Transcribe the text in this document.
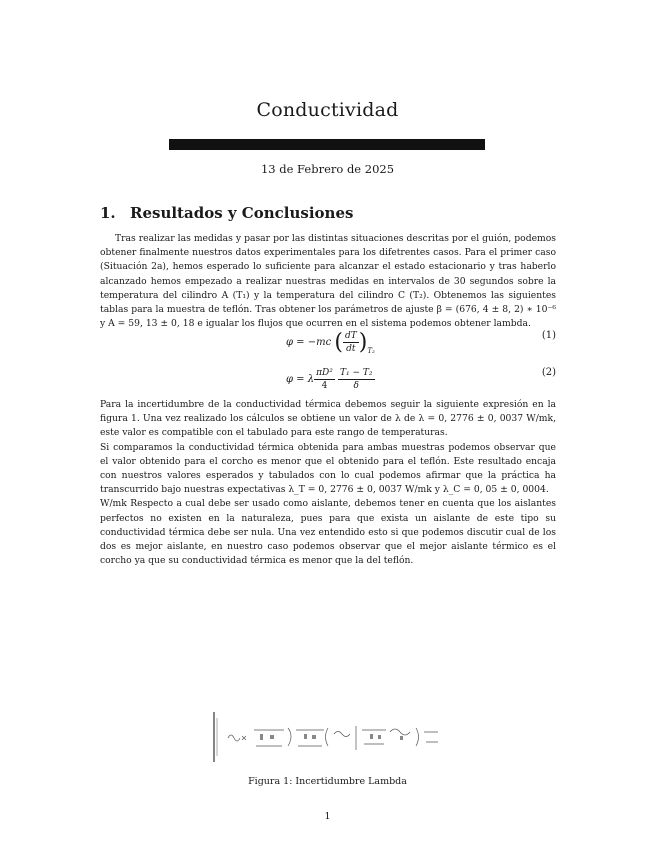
Conductividad
13 de Febrero de 2025
1. Resultados y Conclusiones

Tras realizar las medidas y pasar por las distintas situaciones descritas por el guión, podemos obtener finalmente nuestros datos experimentales para los difetrentes casos. Para el primer caso (Situación 2a), hemos esperado lo suficiente para alcanzar el estado estacionario y tras haberlo alcanzado hemos empezado a realizar nuestras medidas en intervalos de 30 segundos sobre la temperatura del cilindro A (T₁) y la temperatura del cilindro C (T₂). Obtenemos las siguientes tablas para la muestra de teflón. Tras obtener los parámetros de ajuste β = (676, 4 ± 8, 2) ∗ 10⁻⁶ y A = 59, 13 ± 0, 18 e igualar los flujos que ocurren en el sistema podemos obtener lambda.

φ = −mc ( $\frac{dT}{dt} )_{T_2}$
(1)
φ = λ $\frac{\text{πD²}}{4}$
$\frac{\text{T₁ − T₂}}{\delta}$	(2)
Para la incertidumbre de la conductividad térmica debemos seguir la siguiente expresión en la figura 1. Una vez realizado los cálculos se obtiene un valor de λ de λ = 0, 2776 ± 0, 0037 W/mk, este valor es compatible con el tabulado para este rango de temperaturas.
Si comparamos la conductividad térmica obtenida para ambas muestras podemos observar que el valor obtenido para el corcho es menor que el obtenido para el teflón. Este resultado encaja con nuestros valores esperados y tabulados con lo cual podemos afirmar que la práctica ha transcurrido bajo nuestras expectativas λ_T = 0, 2776 ± 0, 0037 W/mk y λ_C = 0, 05 ± 0, 0004.
W/mk Respecto a cual debe ser usado como aislante, debemos tener en cuenta que los aislantes perfectos no existen en la naturaleza, pues para que exista un aislante de este tipo su conductividad térmica debe ser nula. Una vez entendido esto si que podemos discutir cual de los dos es mejor aislante, en nuestro caso podemos observar que el mejor aislante térmico es el corcho ya que su conductividad térmica es menor que la del teflón.
Figura 1: Incertidumbre Lambda
1
